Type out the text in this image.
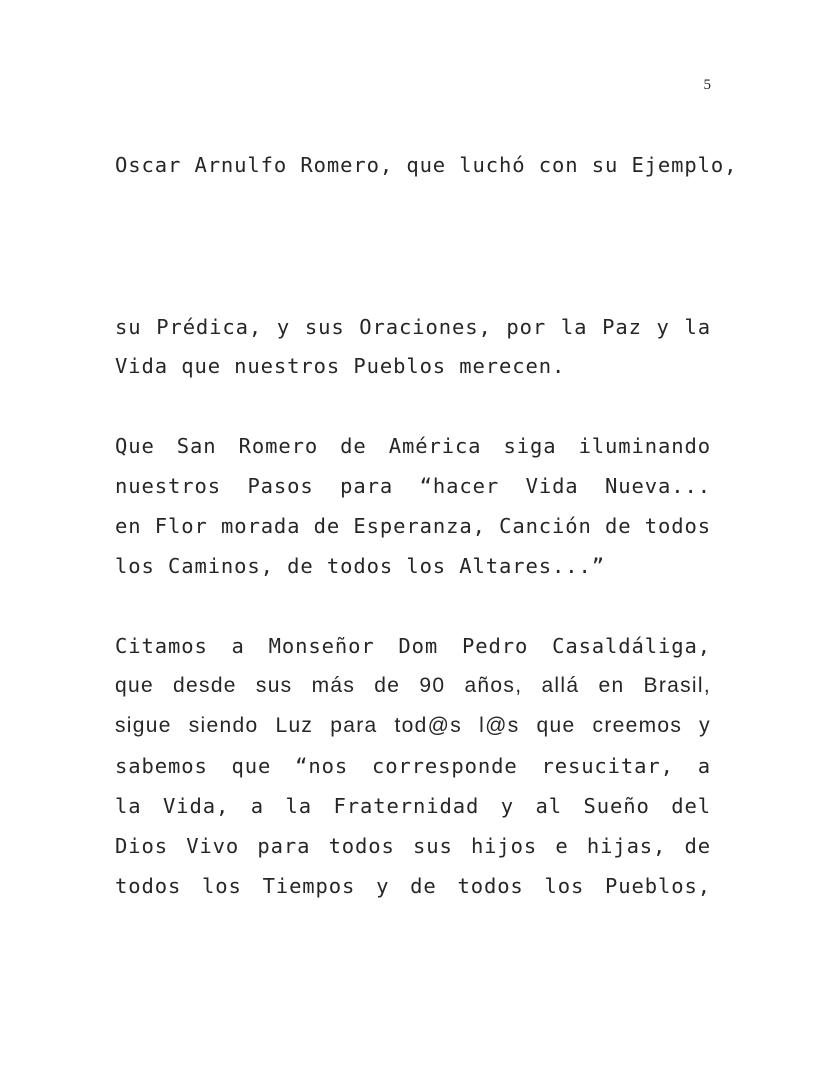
5
Oscar Arnulfo Romero, que luchó con su Ejemplo,
su Prédica, y sus Oraciones, por la Paz y la
Vida que nuestros Pueblos merecen.
Que San Romero de América siga iluminando
nuestros Pasos para “hacer Vida Nueva...
en Flor morada de Esperanza, Canción de todos
los Caminos, de todos los Altares...”
Citamos a Monseñor Dom Pedro Casaldáliga,
que desde sus más de 90 años, allá en Brasil,
sigue siendo Luz para tod@s l@s que creemos y
sabemos que “nos corresponde resucitar, a
la Vida, a la Fraternidad y al Sueño del
Dios Vivo para todos sus hijos e hijas, de
todos los Tiempos y de todos los Pueblos,
